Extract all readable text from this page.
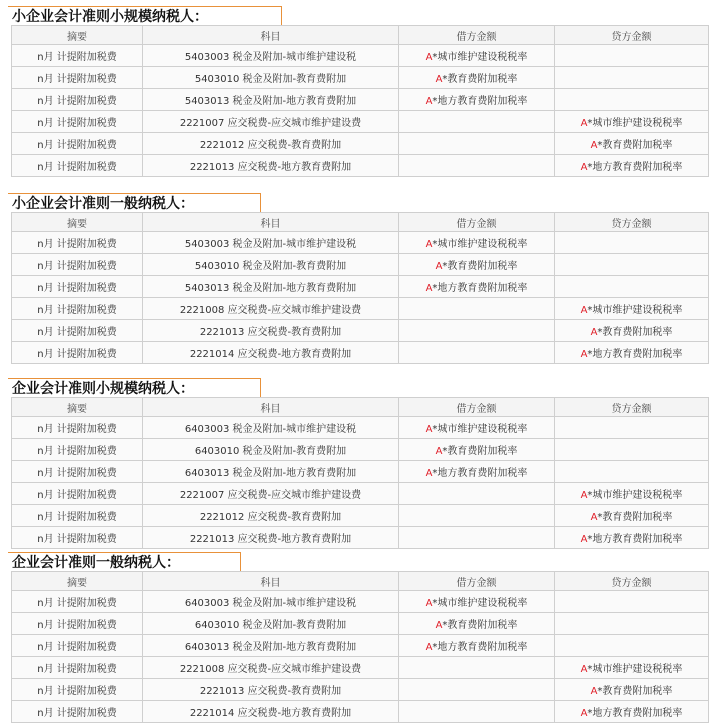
小企业会计准则小规模纳税人：
摘要	科目	借方金额	贷方金额
n月 计提附加税费	5403003 税金及附加-城市维护建设税	A*城市维护建设税税率	
n月 计提附加税费	5403010 税金及附加-教育费附加	A*教育费附加税率	
n月 计提附加税费	5403013 税金及附加-地方教育费附加	A*地方教育费附加税率	
n月 计提附加税费	2221007 应交税费-应交城市维护建设费		A*城市维护建设税税率
n月 计提附加税费	2221012 应交税费-教育费附加		A*教育费附加税率
n月 计提附加税费	2221013 应交税费-地方教育费附加		A*地方教育费附加税率
小企业会计准则一般纳税人：
摘要	科目	借方金额	贷方金额
n月 计提附加税费	5403003 税金及附加-城市维护建设税	A*城市维护建设税税率	
n月 计提附加税费	5403010 税金及附加-教育费附加	A*教育费附加税率	
n月 计提附加税费	5403013 税金及附加-地方教育费附加	A*地方教育费附加税率	
n月 计提附加税费	2221008 应交税费-应交城市维护建设费		A*城市维护建设税税率
n月 计提附加税费	2221013 应交税费-教育费附加		A*教育费附加税率
n月 计提附加税费	2221014 应交税费-地方教育费附加		A*地方教育费附加税率
企业会计准则小规模纳税人：
摘要	科目	借方金额	贷方金额
n月 计提附加税费	6403003 税金及附加-城市维护建设税	A*城市维护建设税税率	
n月 计提附加税费	6403010 税金及附加-教育费附加	A*教育费附加税率	
n月 计提附加税费	6403013 税金及附加-地方教育费附加	A*地方教育费附加税率	
n月 计提附加税费	2221007 应交税费-应交城市维护建设费		A*城市维护建设税税率
n月 计提附加税费	2221012 应交税费-教育费附加		A*教育费附加税率
n月 计提附加税费	2221013 应交税费-地方教育费附加		A*地方教育费附加税率
企业会计准则一般纳税人：
摘要	科目	借方金额	贷方金额
n月 计提附加税费	6403003 税金及附加-城市维护建设税	A*城市维护建设税税率	
n月 计提附加税费	6403010 税金及附加-教育费附加	A*教育费附加税率	
n月 计提附加税费	6403013 税金及附加-地方教育费附加	A*地方教育费附加税率	
n月 计提附加税费	2221008 应交税费-应交城市维护建设费		A*城市维护建设税税率
n月 计提附加税费	2221013 应交税费-教育费附加		A*教育费附加税率
n月 计提附加税费	2221014 应交税费-地方教育费附加		A*地方教育费附加税率
